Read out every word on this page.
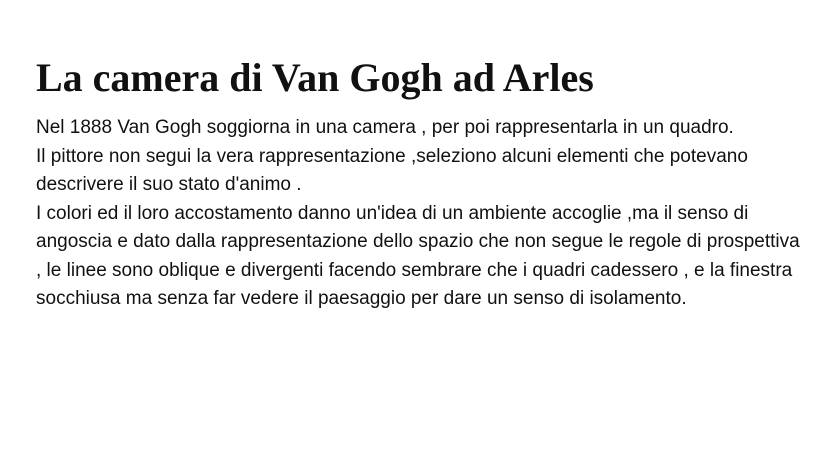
La camera di Van Gogh ad Arles

Nel 1888 Van Gogh soggiorna in una camera , per poi rappresentarla in un quadro.

Il pittore non segui la vera rappresentazione ,seleziono alcuni elementi che potevano descrivere il suo stato d'animo .

I colori ed il loro accostamento danno un'idea di un ambiente accoglie ,ma il senso di angoscia e dato dalla rappresentazione dello spazio che non segue le regole di prospettiva , le linee sono oblique e divergenti facendo sembrare che i quadri cadessero , e la finestra socchiusa ma senza far vedere il paesaggio per dare un senso di isolamento.
